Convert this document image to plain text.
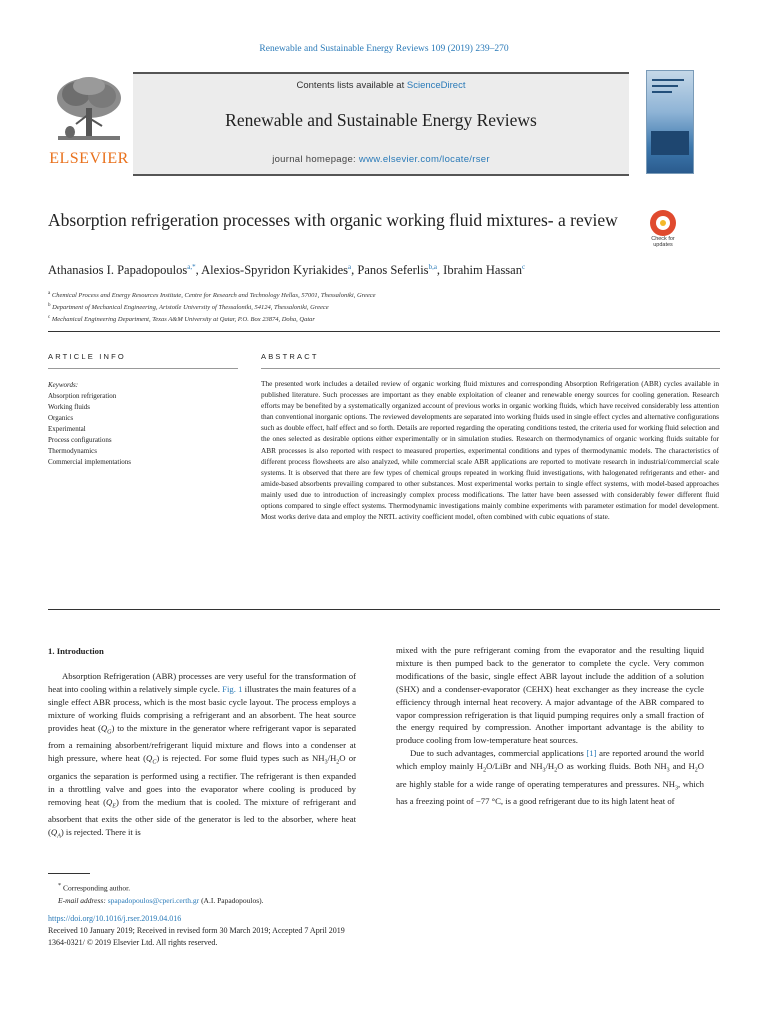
Renewable and Sustainable Energy Reviews 109 (2019) 239–270
ELSEVIER
Contents lists available at ScienceDirect
Renewable and Sustainable Energy Reviews
journal homepage: www.elsevier.com/locate/rser
Absorption refrigeration processes with organic working fluid mixtures- a review
Check for
updates
Athanasios I. Papadopoulos$^{a,*}$, Alexios-Spyridon Kyriakides$^a$, Panos Seferlis$^{b,a}$, Ibrahim Hassan$^c$
$^a$ Chemical Process and Energy Resources Institute, Centre for Research and Technology Hellas, 57001, Thessaloniki, Greece
$^b$ Department of Mechanical Engineering, Aristotle University of Thessaloniki, 54124, Thessaloniki, Greece
$^c$ Mechanical Engineering Department, Texas A&M University at Qatar, P.O. Box 23874, Doha, Qatar
ARTICLE INFO	ABSTRACT
Keywords:
Absorption refrigeration
Working fluids
Organics
Experimental
Process configurations
Thermodynamics
Commercial implementations
The presented work includes a detailed review of organic working fluid mixtures and corresponding Absorption Refrigeration (ABR) cycles available in published literature. Such processes are important as they enable exploitation of cleaner and renewable energy sources for cooling generation. Research efforts may be benefited by a systematically organized account of previous works in organic working fluids, which have received considerably less attention than conventional inorganic options. The reviewed developments are separated into working fluids used in single effect cycles and alternative configurations such as double effect, half effect and so forth. Details are reported regarding the operating conditions tested, the criteria used for working fluid selection and the ones selected as desirable options either experimentally or in simulation studies. Research on thermodynamics of organic working fluids suitable for ABR processes is also reported with respect to measured properties, experimental conditions and types of thermodynamic models. The characteristics of different process flowsheets are also analyzed, while commercial scale ABR applications are reported to motivate research in industrial/commercial scale systems. It is observed that there are few types of chemical groups repeated in working fluid investigations, with halogenated refrigerants and ether- and amide-based absorbents prevailing compared to other substances. Most experimental works pertain to single effect systems, with model-based approaches mainly used due to introduction of increasingly complex process modifications. The latter have been assessed with considerably fewer different fluid options compared to single effect systems. Thermodynamic investigations mainly combine experiments with parameter estimation for model development. Most works derive data and employ the NRTL activity coefficient model, often combined with cubic equations of state.
1. Introduction

Absorption Refrigeration (ABR) processes are very useful for the transformation of heat into cooling within a relatively simple cycle. Fig. 1 illustrates the main features of a single effect ABR process, which is the most basic cycle layout. The process employs a mixture of working fluids comprising a refrigerant and an absorbent. The heat source provides heat $(Q_G)$ to the mixture in the generator where refrigerant vapor is separated from a remaining absorbent/refrigerant liquid mixture and flows into a condenser at high pressure, where heat $(Q_C)$ is rejected. For some fluid types such as $NH_3/H_2O$ or organics the separation is performed using a rectifier. The refrigerant is then expanded in a throttling valve and goes into the evaporator where cooling is produced by removing heat $(Q_E)$ from the medium that is cooled. The mixture of refrigerant and absorbent that exits the other side of the generator is led to the absorber, where heat $(Q_A)$ is rejected. There it is

mixed with the pure refrigerant coming from the evaporator and the resulting liquid mixture is then pumped back to the generator to complete the cycle. Very common modifications of the basic, single effect ABR layout include the addition of a solution (SHX) and a condenser-evaporator (CEHX) heat exchanger as they increase the cycle efficiency through internal heat recovery. A major advantage of the ABR compared to vapor compression refrigeration is that liquid pumping requires only a small fraction of the energy required by compression. Another important advantage is the ability to produce cooling from low-temperature heat sources.

Due to such advantages, commercial applications [1] are reported around the world which employ mainly $H_2O$/LiBr and $NH_3/H_2O$ as working fluids. Both $NH_3$ and $H_2O$ are highly stable for a wide range of operating temperatures and pressures. $NH_3$, which has a freezing point of −77 °C, is a good refrigerant due to its high latent heat of

* Corresponding author.
E-mail address: spapadopoulos@cperi.certh.gr (A.I. Papadopoulos).
https://doi.org/10.1016/j.rser.2019.04.016
Received 10 January 2019; Received in revised form 30 March 2019; Accepted 7 April 2019
1364-0321/ © 2019 Elsevier Ltd. All rights reserved.
